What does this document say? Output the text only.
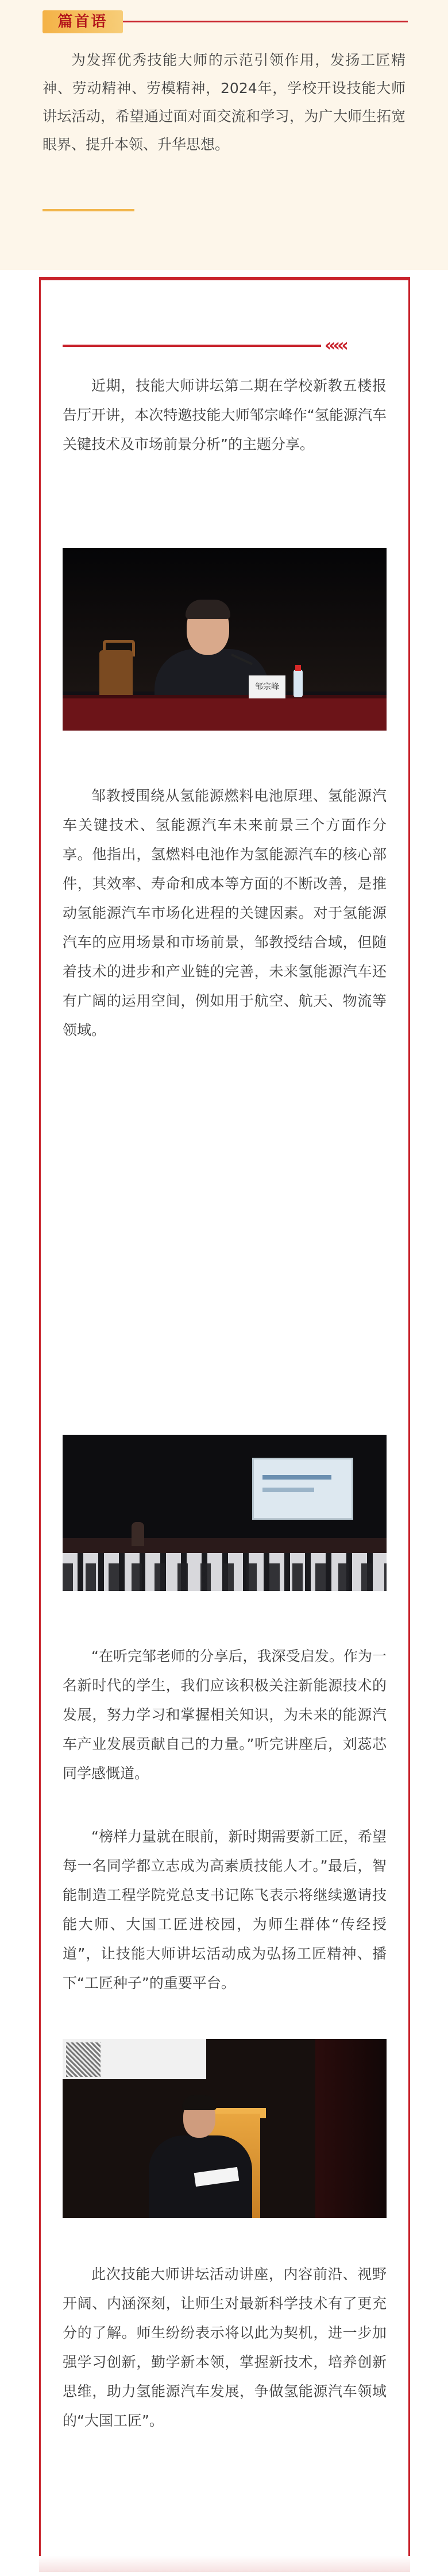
篇首语

为发挥优秀技能大师的示范引领作用，发扬工匠精神、劳动精神、劳模精神，2024年，学校开设技能大师讲坛活动，希望通过面对面交流和学习，为广大师生拓宽眼界、提升本领、升华思想。

‹‹‹‹‹

近期，技能大师讲坛第二期在学校新教五楼报告厅开讲，本次特邀技能大师邹宗峰作“氢能源汽车关键技术及市场前景分析”的主题分享。

邹宗峰

邹教授围绕从氢能源燃料电池原理、氢能源汽车关键技术、氢能源汽车未来前景三个方面作分享。他指出，氢燃料电池作为氢能源汽车的核心部件，其效率、寿命和成本等方面的不断改善，是推动氢能源汽车市场化进程的关键因素。对于氢能源汽车的应用场景和市场前景，邹教授结合域，但随着技术的进步和产业链的完善，未来氢能源汽车还有广阔的运用空间，例如用于航空、航天、物流等领域。

“在听完邹老师的分享后，我深受启发。作为一名新时代的学生，我们应该积极关注新能源技术的发展，努力学习和掌握相关知识，为未来的能源汽车产业发展贡献自己的力量。”听完讲座后，刘蕊芯同学感慨道。

“榜样力量就在眼前，新时期需要新工匠，希望每一名同学都立志成为高素质技能人才。”最后，智能制造工程学院党总支书记陈飞表示将继续邀请技能大师、大国工匠进校园，为师生群体“传经授道”，让技能大师讲坛活动成为弘扬工匠精神、播下“工匠种子”的重要平台。

此次技能大师讲坛活动讲座，内容前沿、视野开阔、内涵深刻，让师生对最新科学技术有了更充分的了解。师生纷纷表示将以此为契机，进一步加强学习创新，勤学新本领，掌握新技术，培养创新思维，助力氢能源汽车发展，争做氢能源汽车领域的“大国工匠”。
